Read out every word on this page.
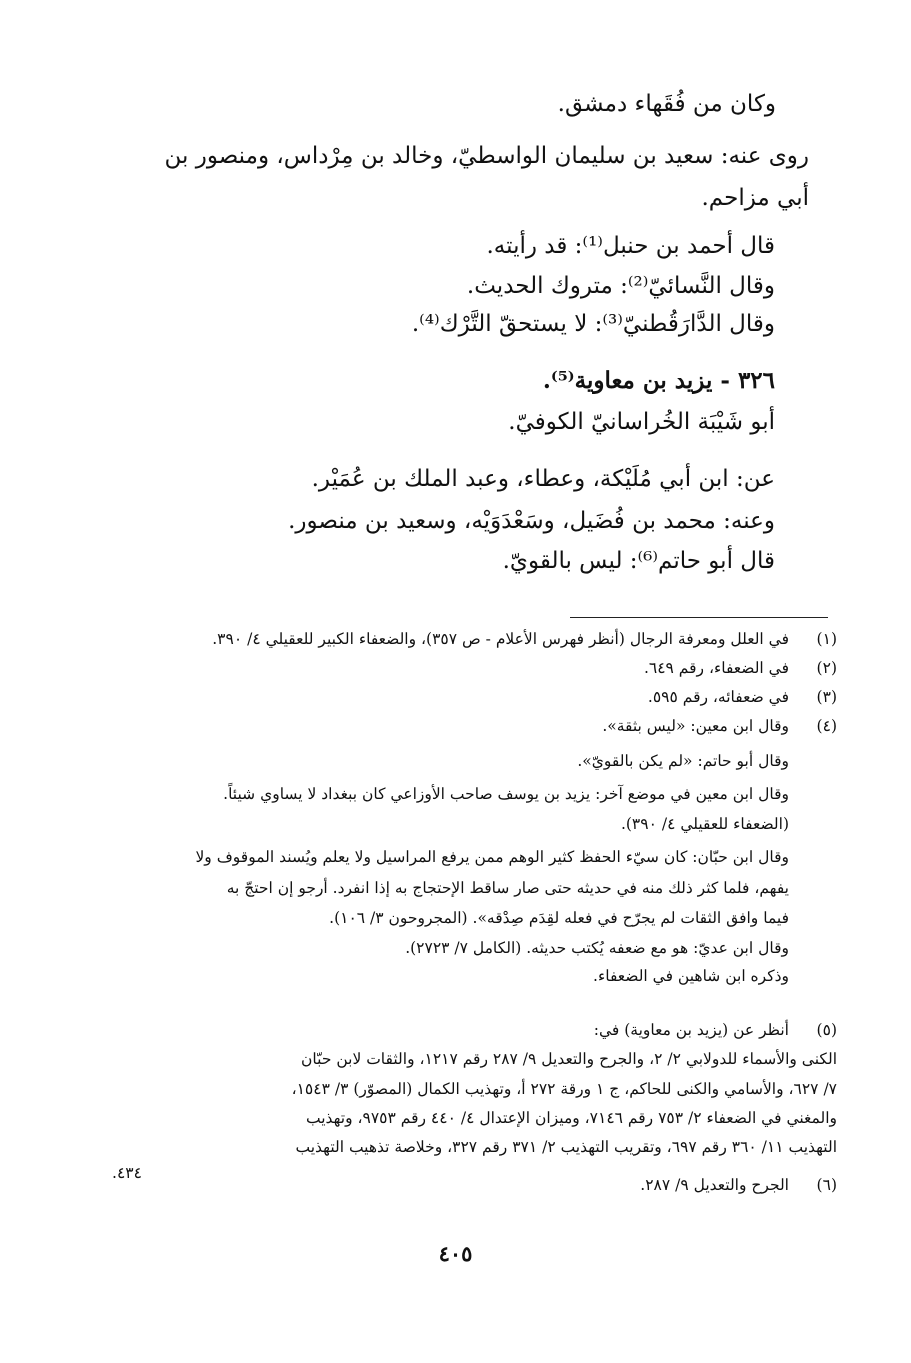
وكان من فُقَهاء دمشق.
روى عنه: سعيد بن سليمان الواسطيّ، وخالد بن مِرْداس، ومنصور بن
أبي مزاحم.
قال أحمد بن حنبل⁽¹⁾: قد رأيته.
وقال النَّسائيّ⁽²⁾: متروك الحديث.
وقال الدَّارَقُطنيّ⁽³⁾: لا يستحقّ التَّرْك⁽⁴⁾.
٣٢٦ - يزيد بن معاوية⁽⁵⁾.
أبو شَيْبَة الخُراسانيّ الكوفيّ.
عن: ابن أبي مُلَيْكة، وعطاء، وعبد الملك بن عُمَيْر.
وعنه: محمد بن فُضَيل، وسَعْدَوَيْه، وسعيد بن منصور.
قال أبو حاتم⁽⁶⁾: ليس بالقويّ.
(١)
(٢)
(٣)
(٤)
(٥)
(٦)
في العلل ومعرفة الرجال (أنظر فهرس الأعلام - ص ٣٥٧)، والضعفاء الكبير للعقيلي ٤/ ٣٩٠.
في الضعفاء، رقم ٦٤٩.
في ضعفائه، رقم ٥٩٥.
وقال ابن معين: «ليس بثقة».
وقال أبو حاتم: «لم يكن بالقويّ».
وقال ابن معين في موضع آخر: يزيد بن يوسف صاحب الأوزاعي كان ببغداد لا يساوي شيئاً.
(الضعفاء للعقيلي ٤/ ٣٩٠).
وقال ابن حبّان: كان سيّء الحفظ كثير الوهم ممن يرفع المراسيل ولا يعلم ويُسند الموقوف ولا
يفهم، فلما كثر ذلك منه في حديثه حتى صار ساقط الإحتجاج به إذا انفرد. أرجو إن احتجّ به
فيما وافق الثقات لم يجرّح في فعله لقِدَم صِدْقه». (المجروحون ٣/ ١٠٦).
وقال ابن عديّ: هو مع ضعفه يُكتب حديثه. (الكامل ٧/ ٢٧٢٣).
وذكره ابن شاهين في الضعفاء.
أنظر عن (يزيد بن معاوية) في:
الكنى والأسماء للدولابي ٢/ ٢، والجرح والتعديل ٩/ ٢٨٧ رقم ١٢١٧، والثقات لابن حبّان
٧/ ٦٢٧، والأسامي والكنى للحاكم، ج ١ ورقة ٢٧٢ أ، وتهذيب الكمال (المصوّر) ٣/ ١٥٤٣،
والمغني في الضعفاء ٢/ ٧٥٣ رقم ٧١٤٦، وميزان الإعتدال ٤/ ٤٤٠ رقم ٩٧٥٣، وتهذيب
التهذيب ١١/ ٣٦٠ رقم ٦٩٧، وتقريب التهذيب ٢/ ٣٧١ رقم ٣٢٧، وخلاصة تذهيب التهذيب
٤٣٤.
الجرح والتعديل ٩/ ٢٨٧.
٤٠٥
